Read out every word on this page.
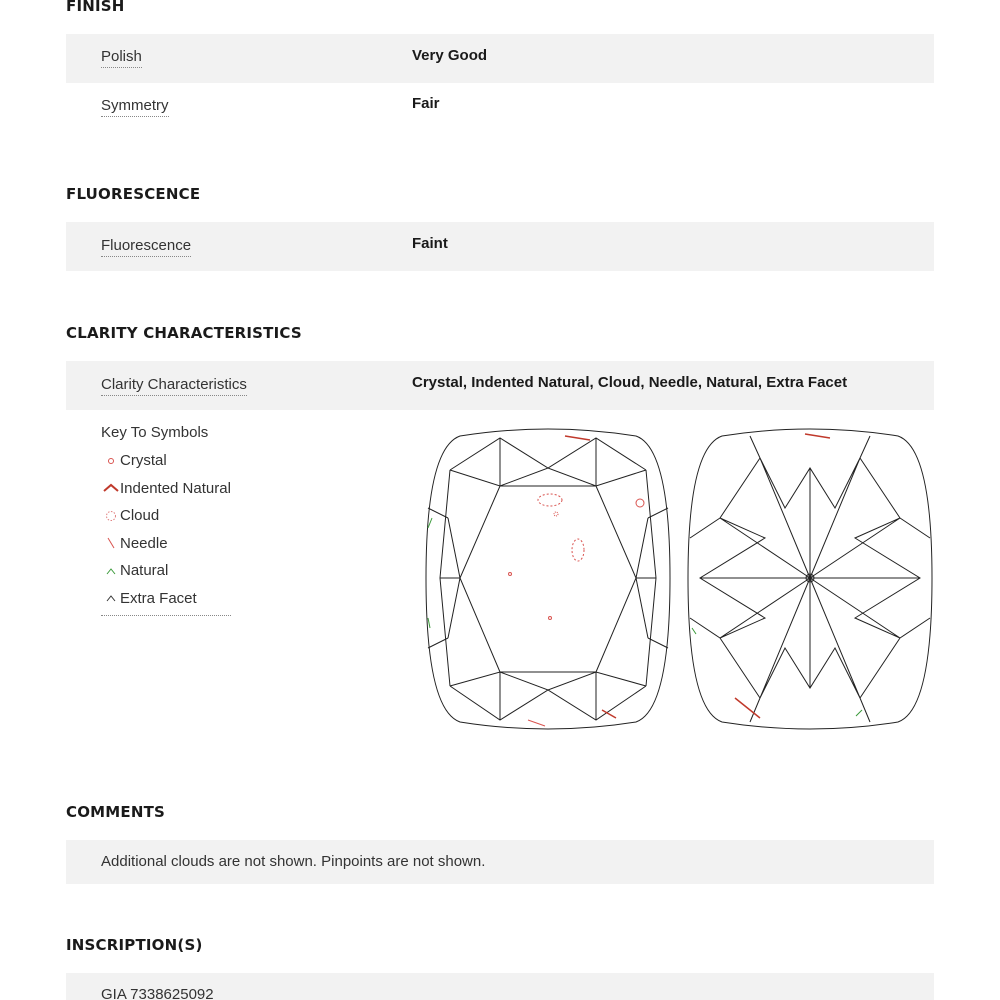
FINISH
Polish	Very Good
Symmetry	Fair
FLUORESCENCE
Fluorescence	Faint
CLARITY CHARACTERISTICS
Clarity Characteristics	Crystal, Indented Natural, Cloud, Needle, Natural, Extra Facet
Key To Symbols
Crystal
Indented Natural
Cloud
Needle
Natural
Extra Facet
COMMENTS
Additional clouds are not shown. Pinpoints are not shown.
INSCRIPTION(S)
GIA 7338625092
